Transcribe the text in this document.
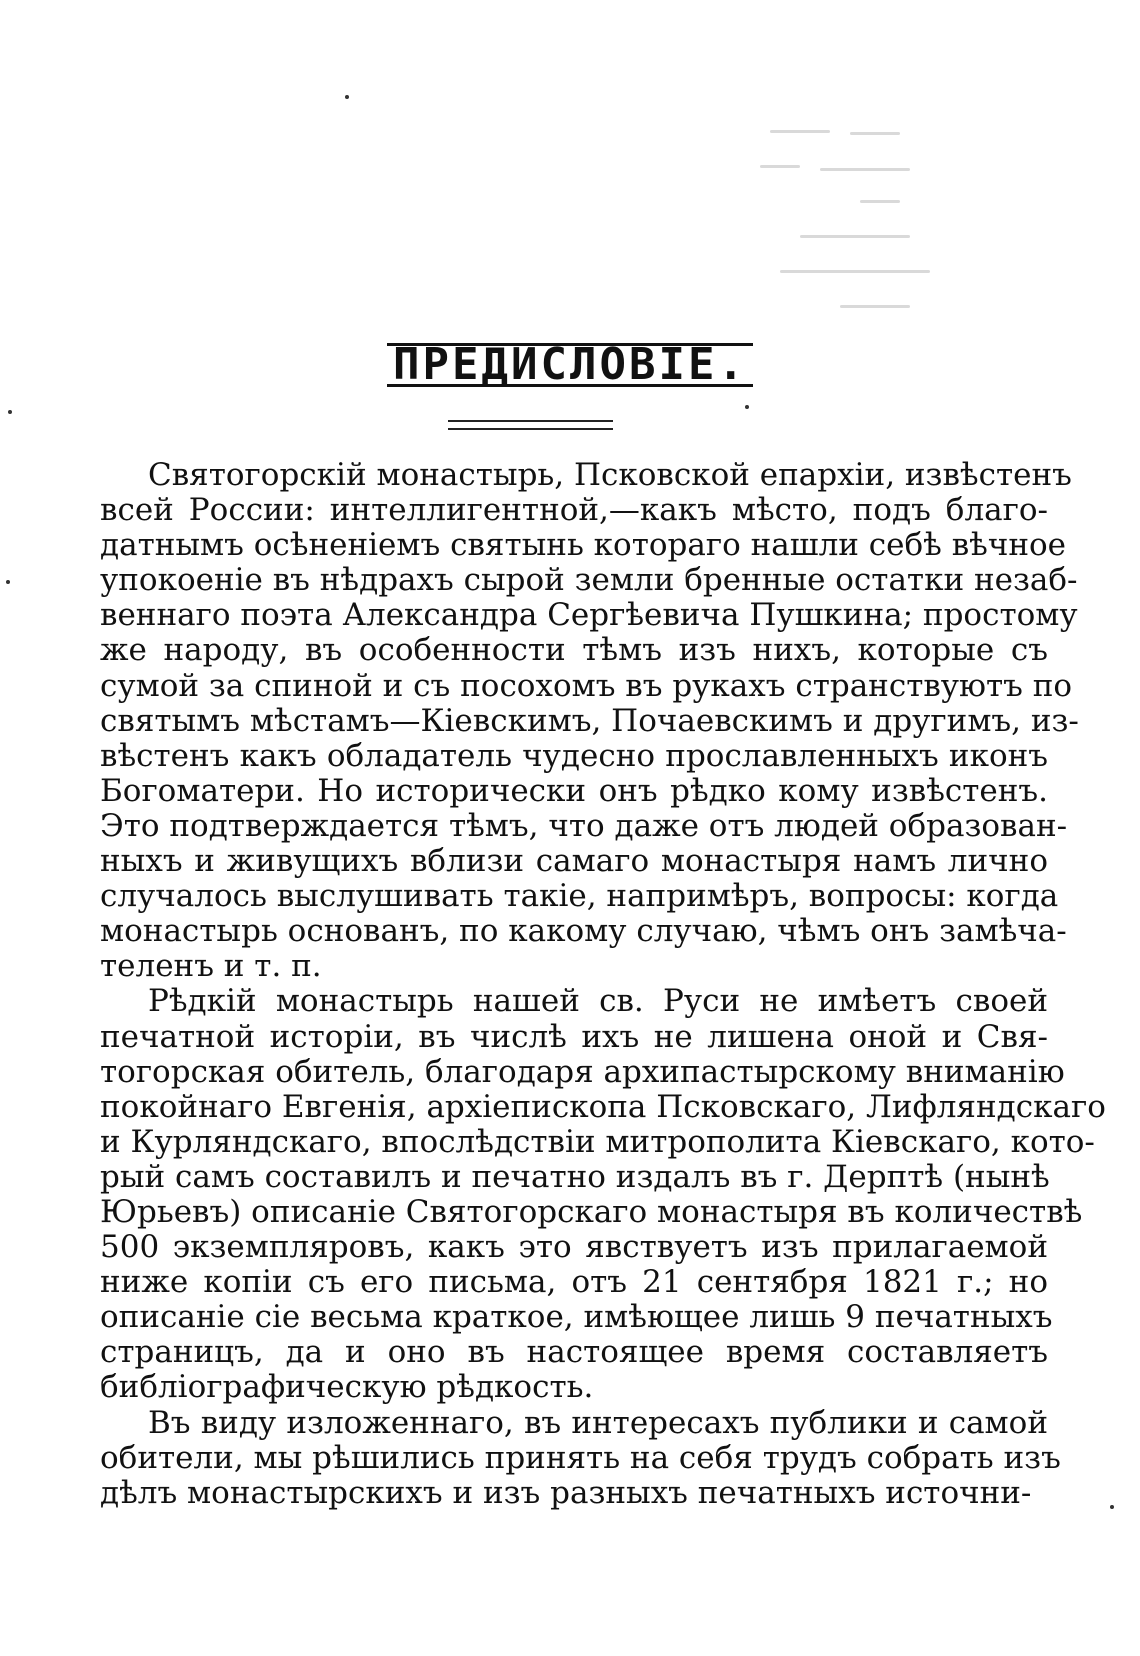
ПРЕДИСЛОВІЕ.

Святогорскій монастырь, Псковской епархіи, извѣстенъ
всей России: интеллигентной,—какъ мѣсто, подъ благо-
датнымъ осѣненіемъ святынь котораго нашли себѣ вѣчное
упокоеніе въ нѣдрахъ сырой земли бренные остатки незаб-
веннаго поэта Александра Сергѣевича Пушкина; простому
же народу, въ особенности тѣмъ изъ нихъ, которые съ
сумой за спиной и съ посохомъ въ рукахъ странствуютъ по
святымъ мѣстамъ—Кіевскимъ, Почаевскимъ и другимъ, из-
вѣстенъ какъ обладатель чудесно прославленныхъ иконъ
Богоматери. Но исторически онъ рѣдко кому извѣстенъ.
Это подтверждается тѣмъ, что даже отъ людей образован-
ныхъ и живущихъ вблизи самаго монастыря намъ лично
случалось выслушивать такіе, напримѣръ, вопросы: когда
монастырь основанъ, по какому случаю, чѣмъ онъ замѣча-
теленъ и т. п.

Рѣдкій монастырь нашей св. Руси не имѣетъ своей
печатной исторіи, въ числѣ ихъ не лишена оной и Свя-
тогорская обитель, благодаря архипастырскому вниманію
покойнаго Евгенія, архіепископа Псковскаго, Лифляндскаго
и Курляндскаго, впослѣдствіи митрополита Кіевскаго, кото-
рый самъ составилъ и печатно издалъ въ г. Дерптѣ (нынѣ
Юрьевъ) описаніе Святогорскаго монастыря въ количествѣ
500 экземпляровъ, какъ это явствуетъ изъ прилагаемой
ниже копіи съ его письма, отъ 21 сентября 1821 г.; но
описаніе сіе весьма краткое, имѣющее лишь 9 печатныхъ
страницъ, да и оно въ настоящее время составляетъ
библіографическую рѣдкость.

Въ виду изложеннаго, въ интересахъ публики и самой
обители, мы рѣшились принять на себя трудъ собрать изъ
дѣлъ монастырскихъ и изъ разныхъ печатныхъ источни-
